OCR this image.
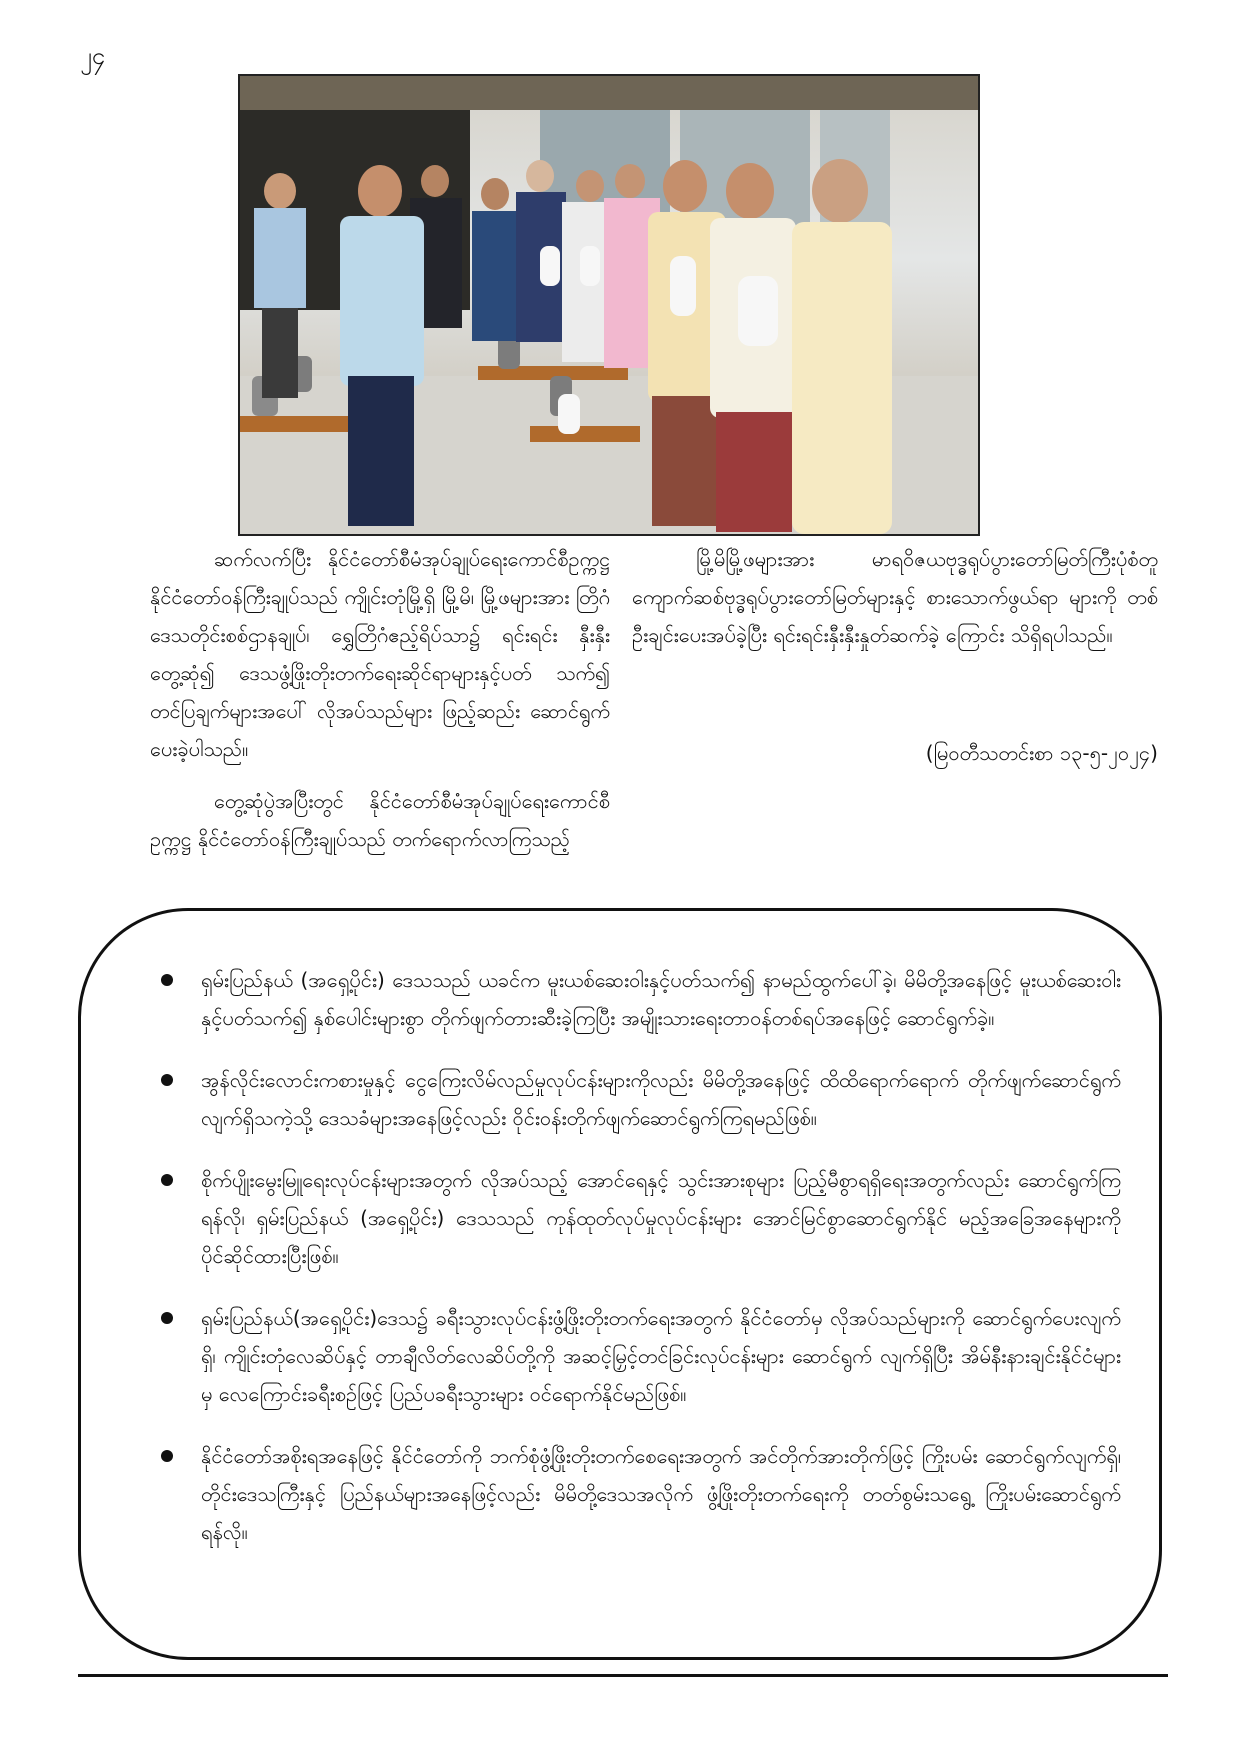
၂၄

ဆက်လက်ပြီး နိုင်ငံတော်စီမံအုပ်ချုပ်ရေးကောင်စီဥက္ကဋ္ဌ နိုင်ငံတော်ဝန်ကြီးချုပ်သည် ကျိုင်းတုံမြို့ရှိ မြို့မိ၊ မြို့ဖများအား တြိဂံဒေသတိုင်းစစ်ဌာနချုပ်၊ ရွှေတြိဂံဧည့်ရိပ်သာ၌ ရင်းရင်း နှီးနှီးတွေ့ဆုံ၍ ဒေသဖွံ့ဖြိုးတိုးတက်ရေးဆိုင်ရာများနှင့်ပတ် သက်၍ တင်ပြချက်များအပေါ် လိုအပ်သည်များ ဖြည့်ဆည်း ဆောင်ရွက်ပေးခဲ့ပါသည်။

တွေ့ဆုံပွဲအပြီးတွင် နိုင်ငံတော်စီမံအုပ်ချုပ်ရေးကောင်စီ ဥက္ကဋ္ဌ နိုင်ငံတော်ဝန်ကြီးချုပ်သည် တက်ရောက်လာကြသည့်

မြို့မိမြို့ဖများအား မာရဝိဇယဗုဒ္ဓရုပ်ပွားတော်မြတ်ကြီးပုံစံတူ ကျောက်ဆစ်ဗုဒ္ဓရုပ်ပွားတော်မြတ်များနှင့် စားသောက်ဖွယ်ရာ များကို တစ်ဦးချင်းပေးအပ်ခဲ့ပြီး ရင်းရင်းနှီးနှီးနှုတ်ဆက်ခဲ့ ကြောင်း သိရှိရပါသည်။

(မြဝတီသတင်းစာ ၁၃-၅-၂၀၂၄)
ရှမ်းပြည်နယ် (အရှေ့ပိုင်း) ဒေသသည် ယခင်က မူးယစ်ဆေးဝါးနှင့်ပတ်သက်၍ နာမည်ထွက်ပေါ်ခဲ့၊ မိမိတို့အနေဖြင့် မူးယစ်ဆေးဝါးနှင့်ပတ်သက်၍ နှစ်ပေါင်းများစွာ တိုက်ဖျက်တားဆီးခဲ့ကြပြီး အမျိုးသားရေးတာဝန်တစ်ရပ်အနေဖြင့် ဆောင်ရွက်ခဲ့။
အွန်လိုင်းလောင်းကစားမှုနှင့် ငွေကြေးလိမ်လည်မှုလုပ်ငန်းများကိုလည်း မိမိတို့အနေဖြင့် ထိထိရောက်ရောက် တိုက်ဖျက်ဆောင်ရွက်လျက်ရှိသကဲ့သို့ ဒေသခံများအနေဖြင့်လည်း ဝိုင်းဝန်းတိုက်ဖျက်ဆောင်ရွက်ကြရမည်ဖြစ်။
စိုက်ပျိုးမွေးမြူရေးလုပ်ငန်းများအတွက် လိုအပ်သည့် အောင်ရေနှင့် သွင်းအားစုများ ပြည့်မီစွာရရှိရေးအတွက်လည်း ဆောင်ရွက်ကြရန်လို၊ ရှမ်းပြည်နယ် (အရှေ့ပိုင်း) ဒေသသည် ကုန်ထုတ်လုပ်မှုလုပ်ငန်းများ အောင်မြင်စွာဆောင်ရွက်နိုင် မည့်အခြေအနေများကို ပိုင်ဆိုင်ထားပြီးဖြစ်။
ရှမ်းပြည်နယ်(အရှေ့ပိုင်း)ဒေသ၌ ခရီးသွားလုပ်ငန်းဖွံ့ဖြိုးတိုးတက်ရေးအတွက် နိုင်ငံတော်မှ လိုအပ်သည်များကို ဆောင်ရွက်ပေးလျက်ရှိ၊ ကျိုင်းတုံလေဆိပ်နှင့် တာချီလိတ်လေဆိပ်တို့ကို အဆင့်မြှင့်တင်ခြင်းလုပ်ငန်းများ ဆောင်ရွက် လျက်ရှိပြီး အိမ်နီးနားချင်းနိုင်ငံများမှ လေကြောင်းခရီးစဉ်ဖြင့် ပြည်ပခရီးသွားများ ဝင်ရောက်နိုင်မည်ဖြစ်။
နိုင်ငံတော်အစိုးရအနေဖြင့် နိုင်ငံတော်ကို ဘက်စုံဖွံ့ဖြိုးတိုးတက်စေရေးအတွက် အင်တိုက်အားတိုက်ဖြင့် ကြိုးပမ်း ဆောင်ရွက်လျက်ရှိ၊ တိုင်းဒေသကြီးနှင့် ပြည်နယ်များအနေဖြင့်လည်း မိမိတို့ဒေသအလိုက် ဖွံ့ဖြိုးတိုးတက်ရေးကို တတ်စွမ်းသရွေ့ ကြိုးပမ်းဆောင်ရွက်ရန်လို။
